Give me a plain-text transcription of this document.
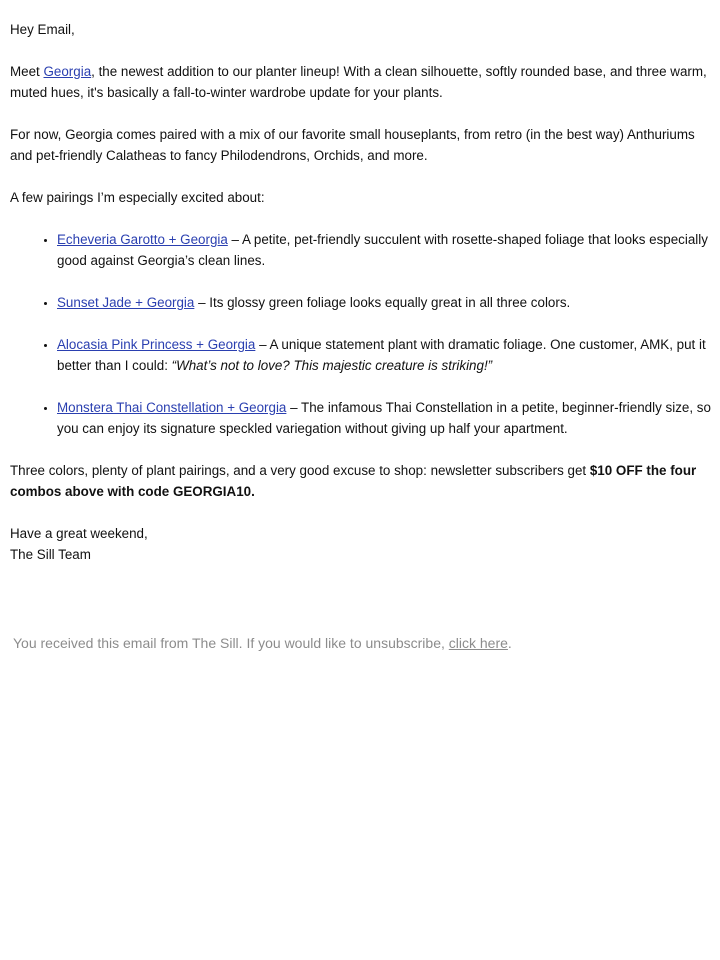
Hey Email,

Meet Georgia, the newest addition to our planter lineup! With a clean silhouette, softly rounded base, and three warm, muted hues, it's basically a fall-to-winter wardrobe update for your plants.

For now, Georgia comes paired with a mix of our favorite small houseplants, from retro (in the best way) Anthuriums and pet-friendly Calatheas to fancy Philodendrons, Orchids, and more.

A few pairings I’m especially excited about:

• Echeveria Garotto + Georgia – A petite, pet-friendly succulent with rosette-shaped foliage that looks especially good against Georgia’s clean lines.
• Sunset Jade + Georgia – Its glossy green foliage looks equally great in all three colors.
• Alocasia Pink Princess + Georgia – A unique statement plant with dramatic foliage. One customer, AMK, put it better than I could: “What’s not to love? This majestic creature is striking!”
• Monstera Thai Constellation + Georgia – The infamous Thai Constellation in a petite, beginner-friendly size, so you can enjoy its signature speckled variegation without giving up half your apartment.

Three colors, plenty of plant pairings, and a very good excuse to shop: newsletter subscribers get $10 OFF the four combos above with code GEORGIA10.

Have a great weekend,

The Sill Team

You received this email from The Sill. If you would like to unsubscribe, click here.
